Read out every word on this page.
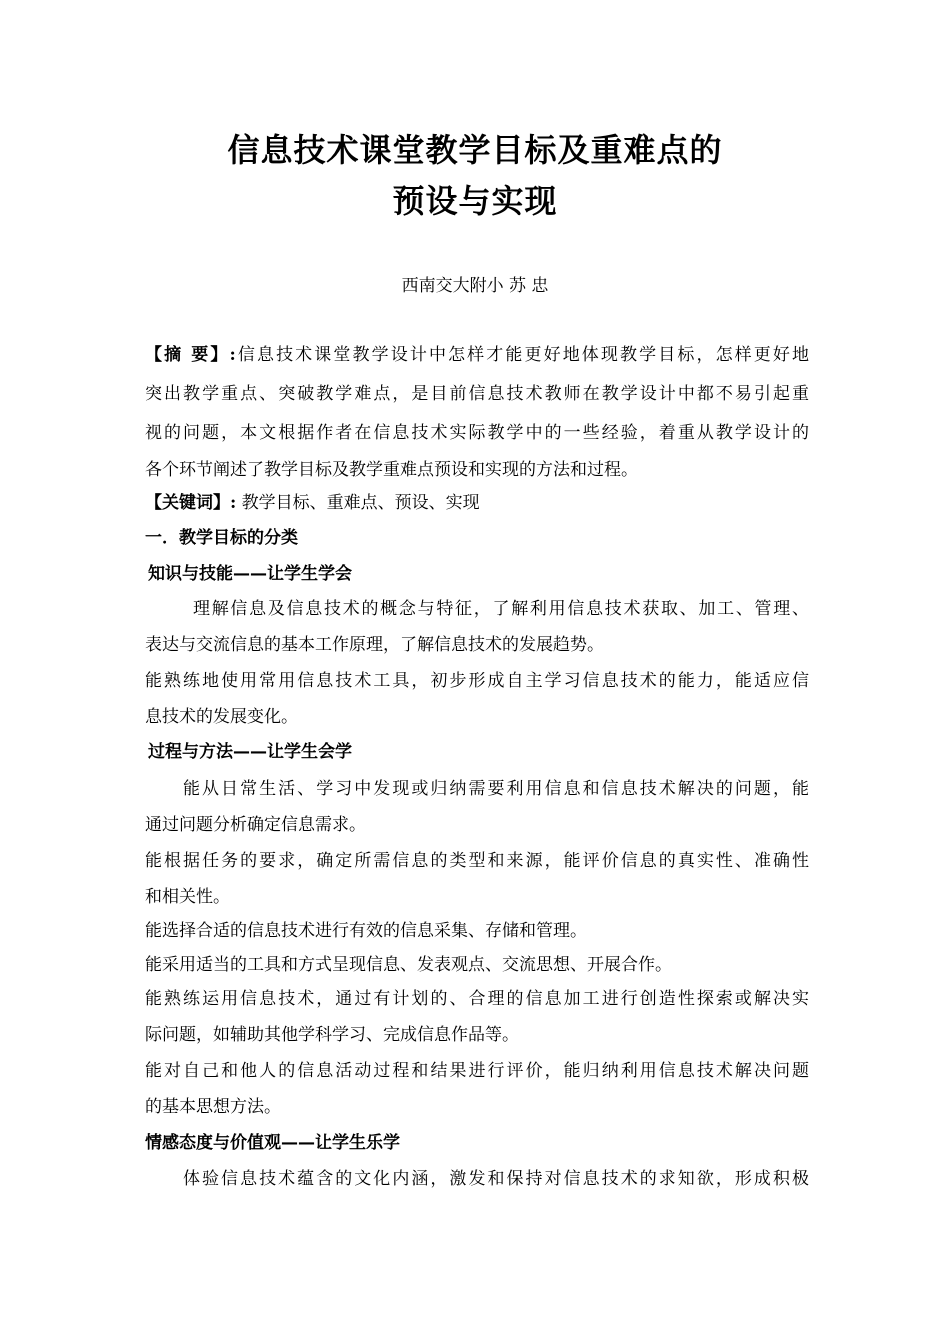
信息技术课堂教学目标及重难点的
预设与实现
西南交大附小 苏 忠
【摘 要】:信息技术课堂教学设计中怎样才能更好地体现教学目标，怎样更好地
突出教学重点、突破教学难点，是目前信息技术教师在教学设计中都不易引起重
视的问题，本文根据作者在信息技术实际教学中的一些经验，着重从教学设计的
各个环节阐述了教学目标及教学重难点预设和实现的方法和过程。
【关键词】: 教学目标、重难点、预设、实现
一．教学目标的分类
知识与技能——让学生学会
理解信息及信息技术的概念与特征，了解利用信息技术获取、加工、管理、
表达与交流信息的基本工作原理，了解信息技术的发展趋势。
能熟练地使用常用信息技术工具，初步形成自主学习信息技术的能力，能适应信
息技术的发展变化。
过程与方法——让学生会学
能从日常生活、学习中发现或归纳需要利用信息和信息技术解决的问题，能
通过问题分析确定信息需求。
能根据任务的要求，确定所需信息的类型和来源，能评价信息的真实性、准确性
和相关性。
能选择合适的信息技术进行有效的信息采集、存储和管理。
能采用适当的工具和方式呈现信息、发表观点、交流思想、开展合作。
能熟练运用信息技术，通过有计划的、合理的信息加工进行创造性探索或解决实
际问题，如辅助其他学科学习、完成信息作品等。
能对自己和他人的信息活动过程和结果进行评价，能归纳利用信息技术解决问题
的基本思想方法。
情感态度与价值观——让学生乐学
体验信息技术蕴含的文化内涵，激发和保持对信息技术的求知欲，形成积极
